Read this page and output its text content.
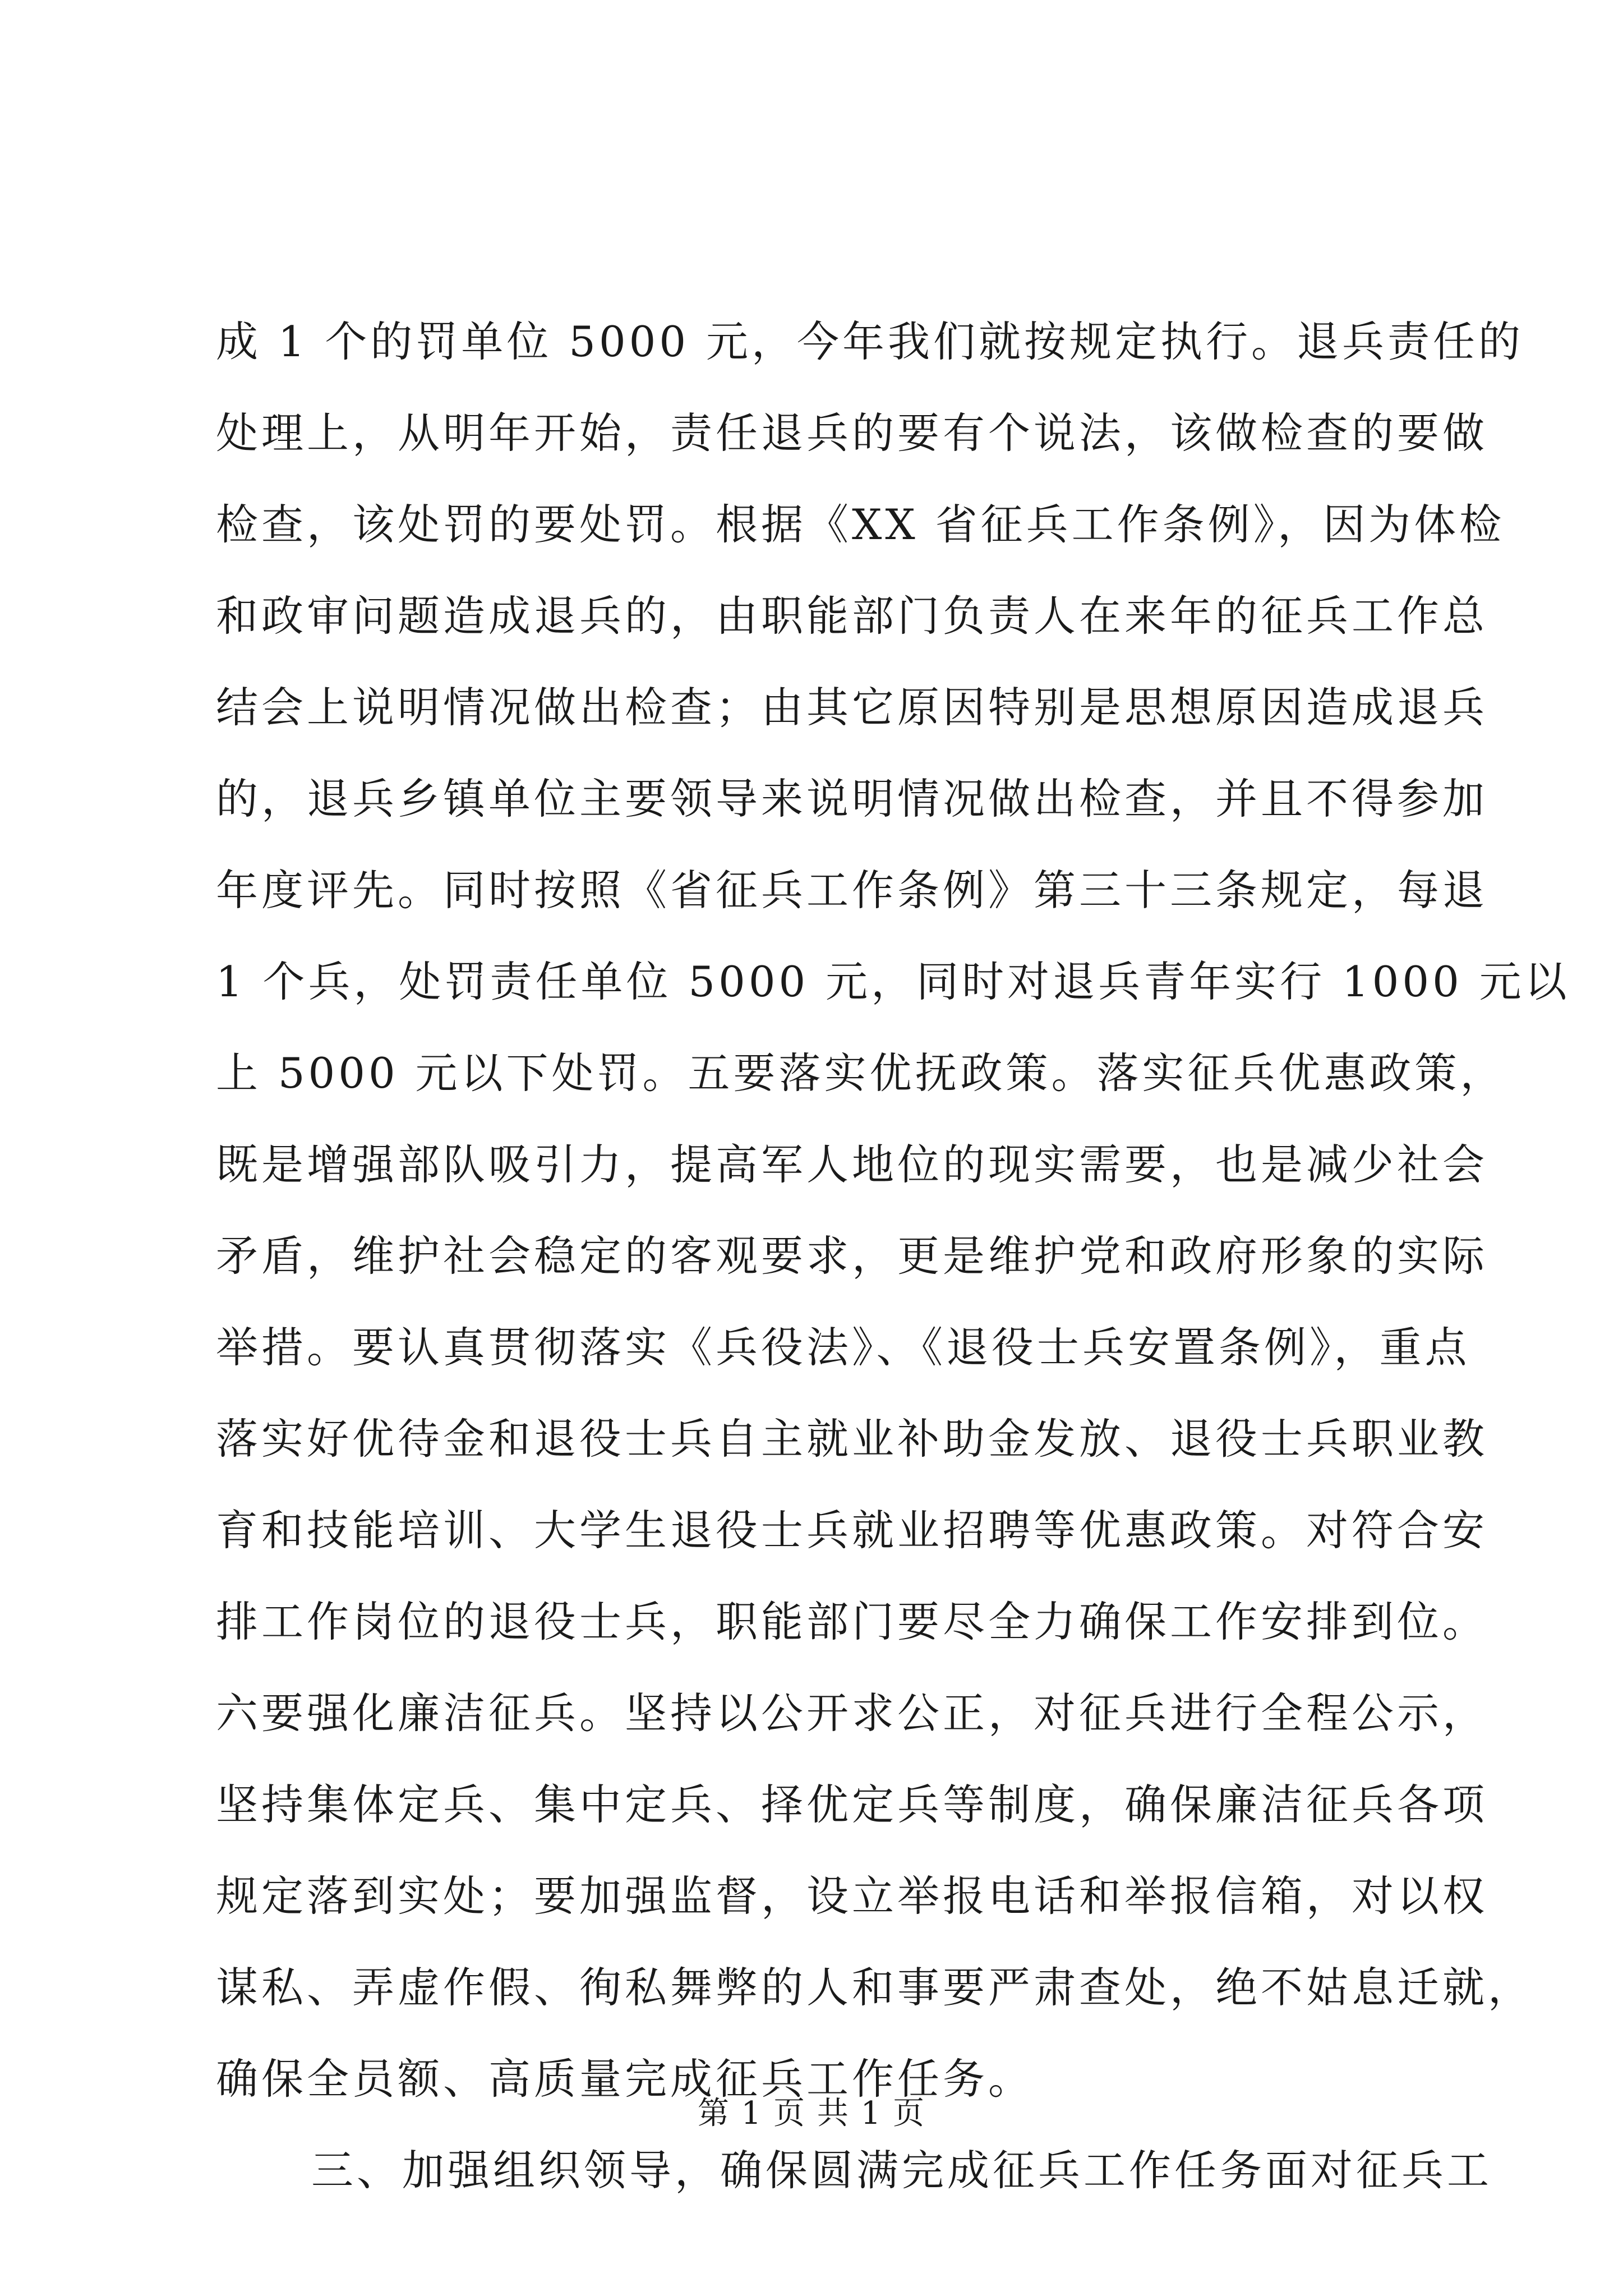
成 1 个的罚单位 5000 元，今年我们就按规定执行。退兵责任的
处理上，从明年开始，责任退兵的要有个说法，该做检查的要做
检查，该处罚的要处罚。根据《XX 省征兵工作条例》，因为体检
和政审问题造成退兵的，由职能部门负责人在来年的征兵工作总
结会上说明情况做出检查；由其它原因特别是思想原因造成退兵
的，退兵乡镇单位主要领导来说明情况做出检查，并且不得参加
年度评先。同时按照《省征兵工作条例》第三十三条规定，每退
1 个兵，处罚责任单位 5000 元，同时对退兵青年实行 1000 元以
上 5000 元以下处罚。五要落实优抚政策。落实征兵优惠政策，
既是增强部队吸引力，提高军人地位的现实需要，也是减少社会
矛盾，维护社会稳定的客观要求，更是维护党和政府形象的实际
举措。要认真贯彻落实《兵役法》、《退役士兵安置条例》，重点
落实好优待金和退役士兵自主就业补助金发放、退役士兵职业教
育和技能培训、大学生退役士兵就业招聘等优惠政策。对符合安
排工作岗位的退役士兵，职能部门要尽全力确保工作安排到位。
六要强化廉洁征兵。坚持以公开求公正，对征兵进行全程公示，
坚持集体定兵、集中定兵、择优定兵等制度，确保廉洁征兵各项
规定落到实处；要加强监督，设立举报电话和举报信箱，对以权
谋私、弄虚作假、徇私舞弊的人和事要严肃查处，绝不姑息迁就，
确保全员额、高质量完成征兵工作任务。
三、加强组织领导，确保圆满完成征兵工作任务面对征兵工
第 1 页 共 1 页
